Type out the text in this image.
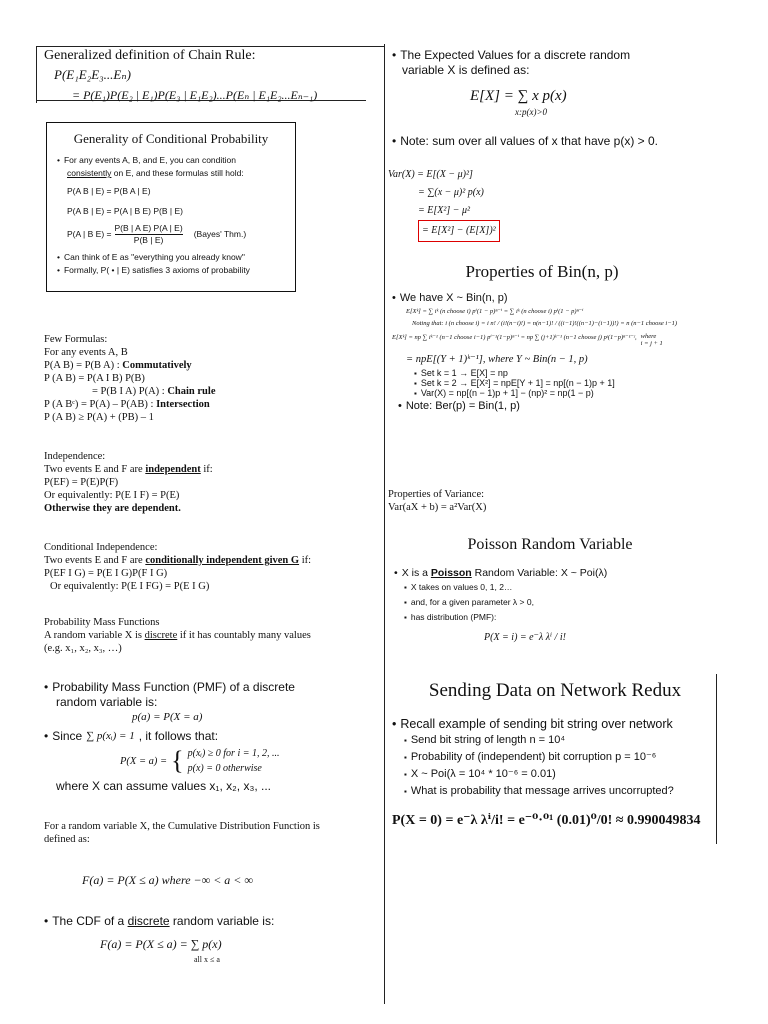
Generalized definition of Chain Rule:
P(E₁E₂E₃...Eₙ)
= P(E₁)P(E₂ | E₁)P(E₃ | E₁E₂)...P(Eₙ | E₁E₂...Eₙ₋₁)
Generality of Conditional Probability
• For any events A, B, and E, you can condition
consistently on E, and these formulas still hold:
P(A B | E) = P(B A | E)
P(A B | E) = P(A | B E) P(B | E)
P(A | B $E) = \frac{\text{P(B | A E) P(A | E)}}{P(B | E)}$ (Bayes' Thm.)
• Can think of E as "everything you already know"
• Formally, P( • | E) satisfies 3 axioms of probability
Few Formulas:
For any events A, B
P(A B) = P(B A) : Commutatively
P (A B) = P(A I B) P(B)
= P(B I A) P(A) : Chain rule
P (A Bᶜ) = P(A) – P(AB) : Intersection
P (A B) ≥ P(A) + (PB) – 1
Independence:
Two events E and F are independent if:
P(EF) = P(E)P(F)
Or equivalently: P(E I F) = P(E)
Otherwise they are dependent.
Conditional Independence:
Two events E and F are conditionally independent given G if:
P(EF I G) = P(E I G)P(F I G)
Or equivalently: P(E I FG) = P(E I G)
Probability Mass Functions
A random variable X is discrete if it has countably many values
(e.g. x₁, x₂, x₃, …)
• Probability Mass Function (PMF) of a discrete
random variable is:
p(a) = P(X = a)
• Since ∑ p(xᵢ) = 1 , it follows that:
P(X = a) = { p(xᵢ) ≥ 0 for i = 1, 2, ...
p(x) = 0 otherwise
where X can assume values x₁, x₂, x₃, ...
For a random variable X, the Cumulative Distribution Function is
defined as:
F(a) = P(X ≤ a) where −∞ < a < ∞
• The CDF of a discrete random variable is:
F(a) = P(X ≤ a) = ∑ p(x)
all x ≤ a
• The Expected Values for a discrete random
variable X is defined as:
E[X] = ∑ x p(x)
x:p(x)>0
• Note: sum over all values of x that have p(x) > 0.
Var(X) = E[(X − μ)²]
= ∑(x − μ)² p(x)
= E[X²] − μ²
= E[X²] − (E[X])²
Properties of Bin(n, p)
• We have X ~ Bin(n, p)
E[Xᵏ] = ∑ iᵏ (n choose i) pⁱ(1 − p)ⁿ⁻ⁱ = ∑ iᵏ (n choose i) pⁱ(1 − p)ⁿ⁻ⁱ
Noting that: i (n choose i) = i n! / (i!(n−i)!) = n(n−1)! / ((i−1)!((n−1)−(i−1))!) = n (n−1 choose i−1)
E[Xᵏ] = np ∑ iᵏ⁻¹ (n−1 choose i−1) pⁱ⁻¹(1−p)ⁿ⁻ⁱ = np ∑ (j+1)ᵏ⁻¹ (n−1 choose j) pʲ(1−p)ⁿ⁻¹⁻ʲ, where
i = j + 1
= npE[(Y + 1)ᵏ⁻¹], where Y ~ Bin(n − 1, p)
▪ Set k = 1 → E[X] = np
▪ Set k = 2 → E[X²] = npE[Y + 1] = np[(n − 1)p + 1]
▪ Var(X) = np[(n − 1)p + 1] − (np)² = np(1 − p)
• Note: Ber(p) = Bin(1, p)
Properties of Variance:
Var(aX + b) = a²Var(X)
Poisson Random Variable
• X is a Poisson Random Variable: X ~ Poi(λ)
▪ X takes on values 0, 1, 2…
▪ and, for a given parameter λ > 0,
▪ has distribution (PMF):
P(X = i) = e⁻λ λⁱ / i!
Sending Data on Network Redux
• Recall example of sending bit string over network
▪ Send bit string of length n = 10⁴
▪ Probability of (independent) bit corruption p = 10⁻⁶
▪ X ~ Poi(λ = 10⁴ * 10⁻⁶ = 0.01)
▪ What is probability that message arrives uncorrupted?
P(X = 0) = e⁻λ λⁱ/i! = e⁻⁰·⁰¹ (0.01)⁰/0! ≈ 0.990049834
